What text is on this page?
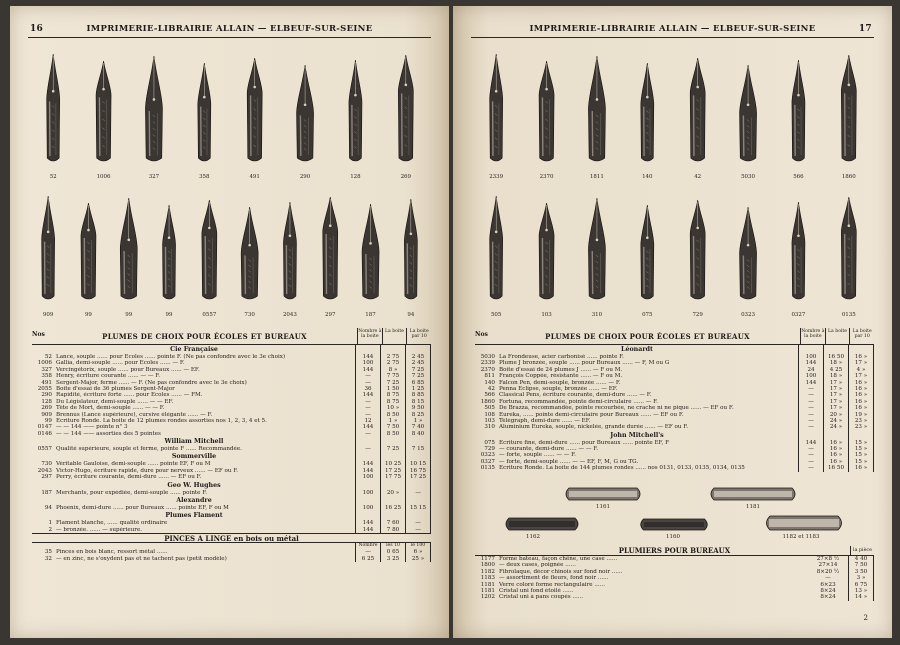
16	IMPRIMERIE-LIBRAIRIE ALLAIN — ELBEUF-SUR-SEINE
52	1006	327	358	491	290	128	269
909	99	99	99	0557	730	2043	297	187	94
Nos	PLUMES DE CHOIX POUR ÉCOLES ET BUREAUX
Nombre à la boite
La boite	La boite par 10
Cie Française
52 Lance, souple ...... pour Écoles ...... pointe F. (Ne pas confondre avec le 3e choix)	144	2 75	2 45
1006 Gallia, demi-souple ...... pour Écoles ...... — F.	100	2 75	2 45
327 Vercingétorix, souple ...... pour Bureaux ...... — EF.	144	8 »	7 25
358 Henry, écriture courante ...... — — F.	—	7 75	7 25
491 Sergent-Major, ferme ...... — F. (Ne pas confondre avec le 3e choix)	—	7 25	6 85
2055 Boite d'essai de 36 plumes Sergent-Major	36	1 50	1 25
290 Rapidité, écriture forte ...... pour Écoles ...... — FM.	144	8 75	8 85
128 Du Législateur, demi-souple ...... — — EF.	—	8 75	8 15
269 Tête de Mort, demi-souple ...... — — F.	—	10 »	9 50
909 Brennus (Lance supérieure), cursive élégante ...... — F.	—	8 50	8 25
99 Écriture Ronde. La boite de 12 plumes rondes assorties nos 1, 2, 3, 4 et 5.	12	1 »	1 »
0147 — — 144 —— pointe n° 3	144	7 50	7 40
0146 — — 144 —— assorties des 5 pointes	—	8 50	8 40
William Mitchell
0557 Qualité supérieure, souple et ferme, pointe F ...... Recommandée.	—	7 25	7 15
Sommerville
730 Véritable Gauloise, demi-souple ...... pointe EF, F ou M	144	10 25	10 15
2043 Victor-Hugo, écriture rapide, dure pour nerveux ...... — EF ou F.	144	17 25	16 75
297 Perry, écriture courante, demi-dure ...... — EF ou F.	100	17 75	17 25
Geo W. Hughes
187 Merchants, pour expédiée, demi-souple ...... pointe F.	100	20 »	—
Alexandre
94 Phoenix, demi-dure ...... pour Bureaux ...... pointe EF, F ou M	100	16 25	15 15
Plumes Flament
1 Flament blanche, ...... qualité ordinaire	144	7 60	—
2 — bronzée. ...... — supérieure.	144	7 80	—
PINCES A LINGE en bois ou métal
Nombre	les 10	le 100
35 Pinces en bois blanc, ressort métal ......	—	0 65	6 »
32 — en zinc, ne s'oxydent pas et ne tachent pas (petit modèle)	6 25	3 25	25 »
IMPRIMERIE-LIBRAIRIE ALLAIN — ELBEUF-SUR-SEINE	17
2339	2370	1811	140	42	5030	566	1860
505	103	310	075	729	0323	0327	0135
Nos	PLUMES DE CHOIX POUR ÉCOLES ET BUREAUX
Nombre à la boite
La boite	La boite par 10
Léonardt
5030 La Frondeuse, acier carbonisé ...... pointe F.	100	16 50	16 »
2339 Plume J bronzée, souple ...... pour Bureaux ...... — F, M ou G	144	18 »	17 »
2370 Boite d'essai de 24 plumes J ...... — F ou M.	24	4 25	4 »
811 François Coppée, résistante ...... — F ou M.	100	18 »	17 »
140 Falcon Pen, demi-souple, bronzée ...... — F.	144	17 »	16 »
42 Penna Eclipse, souple, bronzée ...... — EF.	—	17 »	16 »
566 Classical Pens, écriture courante, demi-dure ...... — F.	—	17 »	16 »
1860 Fortuna, recommandée, pointe demi-circulaire ...... — F.	—	17 »	16 »
505 De Brazza, recommandée, pointe recourbée, ne crache ni ne pique ...... — EF ou F.	—	17 »	16 »
108 Eureka, ...... pointe demi-circulaire pour Bureaux ...... — EF ou F.	—	20 »	19 »
103 Télégraph, demi-dure ...... — EF.	—	24 »	23 »
310 Aluminium Eureka, souple, nickelée, grande durée ...... — EF ou F.	—	24 »	23 »
John Mitchell's
075 Écriture fine, demi-dure ...... pour Bureaux ...... pointe EF, F	144	16 »	15 »
729 — courante, demi-dure ...... — — F.	—	16 »	15 »
0323 — forte, souple ...... — — F.	—	16 »	15 »
0327 — forte, demi-souple ...... — — EF, F, M, G ou TG.	—	16 »	15 »
0135 Écriture Ronde. La boite de 144 plumes rondes ...... nos 0131, 0133, 0135, 0134, 0135	—	16 50	16 »
1161	1181
1162	1160	1182 et 1183
PLUMIERS POUR BUREAUX	la pièce
1177 Forme bateau, façon chêne, une case ......	27×8 ½	4 40
1800 — deux cases, poignée ......	27×14	7 50
1182 Fibrolaque, décor chinois sur fond noir ......	8×20 ½	3 50
1183 — assortiment de fleurs, fond noir ......	—	3 »
1181 Verre coloré forme rectangulaire ......	6×23	6 75
1181 Cristal uni fond étoilé ......	8×24	13 »
1202 Cristal uni à pans coupés ......	8×24	14 »
2
